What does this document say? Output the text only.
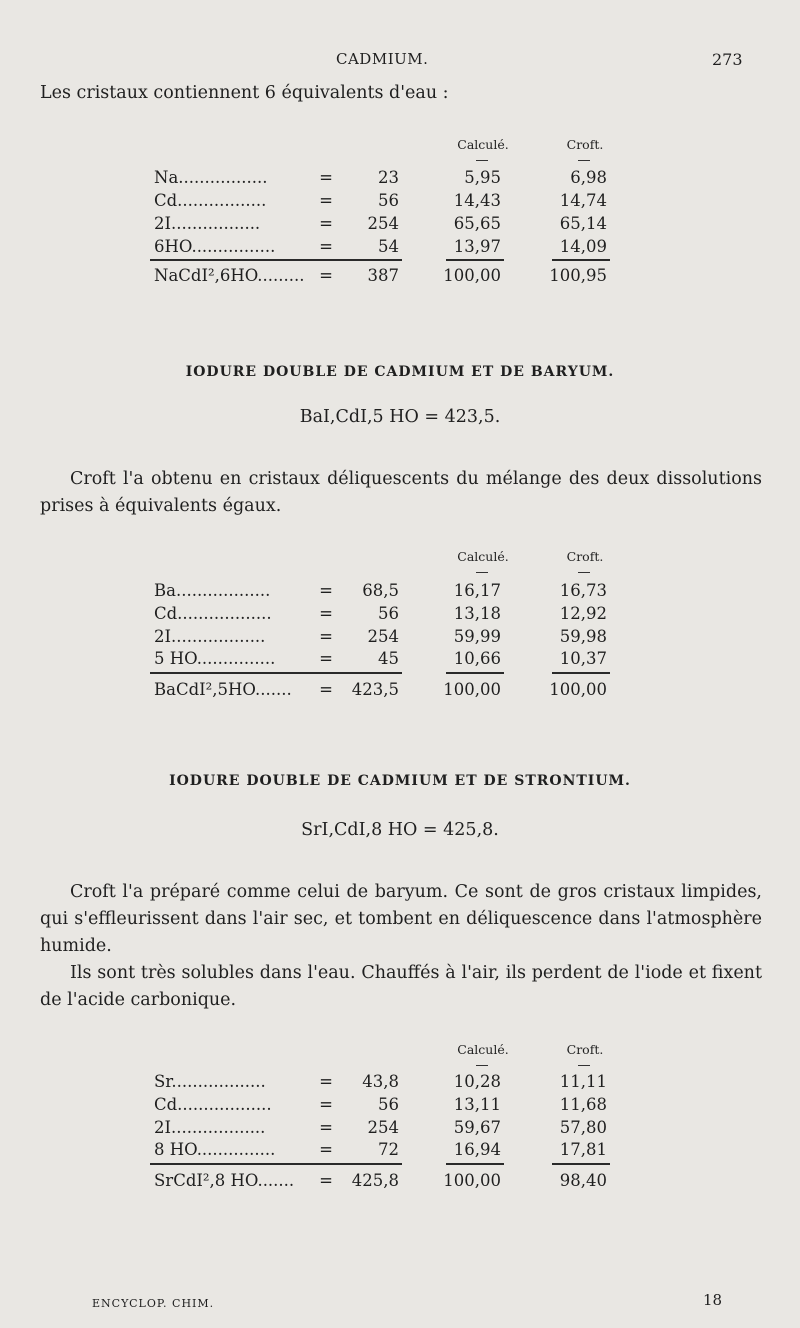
CADMIUM.	273
Les cristaux contiennent 6 équivalents d'eau :
Calculé.	Croft.
Na.................	=	23	5,95	6,98
Cd.................	=	56	14,43	14,74
2I.................	=	254	65,65	65,14
6HO................	=	54	13,97	14,09
NaCdI²,6HO......... =	387	100,00	100,95
IODURE DOUBLE DE CADMIUM ET DE BARYUM.
BaI,CdI,5 HO = 423,5.
Croft l'a obtenu en cristaux déliquescents du mélange des deux dissolutions prises à équivalents égaux.
Calculé.	Croft.
Ba..................	=	68,5	16,17	16,73
Cd..................	=	56	13,18	12,92
2I..................	=	254	59,99	59,98
5 HO...............	=	45	10,66	10,37
BaCdI²,5HO.......	=	423,5	100,00	100,00
IODURE DOUBLE DE CADMIUM ET DE STRONTIUM.
SrI,CdI,8 HO = 425,8.
Croft l'a préparé comme celui de baryum. Ce sont de gros cristaux limpides, qui s'effleurissent dans l'air sec, et tombent en déliquescence dans l'atmosphère humide.
Ils sont très solubles dans l'eau. Chauffés à l'air, ils perdent de l'iode et fixent de l'acide carbonique.
Calculé.	Croft.
Sr..................	=	43,8	10,28	11,11
Cd..................	=	56	13,11	11,68
2I..................	=	254	59,67	57,80
8 HO...............	=	72	16,94	17,81
SrCdI²,8 HO.......	=	425,8	100,00	98,40
ENCYCLOP. CHIM.	18
